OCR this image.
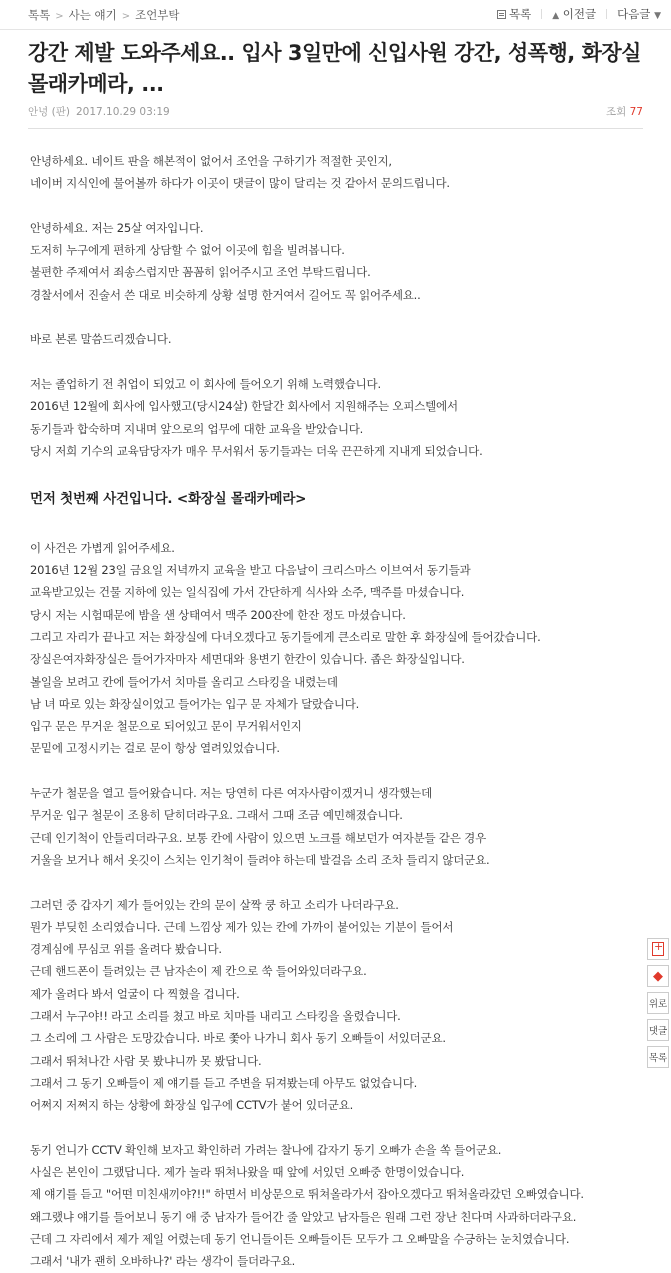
톡톡 > 사는 얘기 > 조언부탁	목록 ▲ 이전글 다음글 ▼
강간 제발 도와주세요.. 입사 3일만에 신입사원 강간, 성폭행, 화장실 몰래카메라, ...
안녕 (판) 2017.10.29 03:19	조회 77

안녕하세요. 네이트 판을 해본적이 없어서 조언을 구하기가 적절한 곳인지,

네이버 지식인에 물어볼까 하다가 이곳이 댓글이 많이 달리는 것 같아서 문의드립니다.

안녕하세요. 저는 25살 여자입니다.

도저히 누구에게 편하게 상담할 수 없어 이곳에 힘을 빌려봅니다.

불편한 주제여서 죄송스럽지만 꼼꼼히 읽어주시고 조언 부탁드립니다.

경찰서에서 진술서 쓴 대로 비슷하게 상황 설명 한거여서 길어도 꼭 읽어주세요..

바로 본론 말씀드리겠습니다.

저는 졸업하기 전 취업이 되었고 이 회사에 들어오기 위해 노력했습니다.

2016년 12월에 회사에 입사했고(당시24살) 한달간 회사에서 지원해주는 오피스텔에서

동기들과 합숙하며 지내며 앞으로의 업무에 대한 교육을 받았습니다.

당시 저희 기수의 교육담당자가 매우 무서워서 동기들과는 더욱 끈끈하게 지내게 되었습니다.

먼저 첫번째 사건입니다. <화장실 몰래카메라>

이 사건은 가볍게 읽어주세요.

2016년 12월 23일 금요일 저녁까지 교육을 받고 다음날이 크리스마스 이브여서 동기들과

교육받고있는 건물 지하에 있는 일식집에 가서 간단하게 식사와 소주, 맥주를 마셨습니다.

당시 저는 시험때문에 밤을 샌 상태여서 맥주 200잔에 한잔 정도 마셨습니다.

그리고 자리가 끝나고 저는 화장실에 다녀오겠다고 동기들에게 큰소리로 말한 후 화장실에 들어갔습니다.

장실은여자화장실은 들어가자마자 세면대와 용변기 한칸이 있습니다. 좁은 화장실입니다.

볼일을 보려고 칸에 들어가서 치마를 올리고 스타킹을 내렸는데

남 녀 따로 있는 화장실이었고 들어가는 입구 문 자체가 달랐습니다.

입구 문은 무거운 철문으로 되어있고 문이 무거워서인지

문밑에 고정시키는 걸로 문이 항상 열려있었습니다.

누군가 철문을 열고 들어왔습니다. 저는 당연히 다른 여자사람이겠거니 생각했는데

무거운 입구 철문이 조용히 닫히더라구요. 그래서 그때 조금 예민해졌습니다.

근데 인기척이 안들리더라구요. 보통 칸에 사람이 있으면 노크를 해보던가 여자분들 같은 경우

거울을 보거나 해서 옷깃이 스치는 인기척이 들려야 하는데 발걸음 소리 조차 들리지 않더군요.

그러던 중 갑자기 제가 들어있는 칸의 문이 살짝 쿵 하고 소리가 나더라구요.

뭔가 부딪힌 소리였습니다. 근데 느낌상 제가 있는 칸에 가까이 붙어있는 기분이 들어서

경계심에 무심코 위를 올려다 봤습니다.

근데 핸드폰이 들려있는 큰 남자손이 제 칸으로 쑥 들어와있더라구요.

제가 올려다 봐서 얼굴이 다 찍혔을 겁니다.

그래서 누구야!! 라고 소리를 쳤고 바로 치마를 내리고 스타킹을 올렸습니다.

그 소리에 그 사람은 도망갔습니다. 바로 쫓아 나가니 회사 동기 오빠들이 서있더군요.

그래서 뛰쳐나간 사람 못 봤냐니까 못 봤답니다.

그래서 그 동기 오빠들이 제 얘기를 듣고 주변을 뒤져봤는데 아무도 없었습니다.

어쩌지 저쩌지 하는 상황에 화장실 입구에 CCTV가 붙어 있더군요.

동기 언니가 CCTV 확인해 보자고 확인하러 가려는 찰나에 갑자기 동기 오빠가 손을 쏙 들어군요.

사실은 본인이 그랬답니다. 제가 놀라 뛰쳐나왔을 때 앞에 서있던 오빠중 한명이었습니다.

제 얘기를 듣고 "어떤 미친새끼야?!!" 하면서 비상문으로 뛰쳐올라가서 잡아오겠다고 뛰쳐올라갔던 오빠였습니다.

왜그랬냐 얘기를 들어보니 동기 애 중 남자가 들어간 줄 알았고 남자들은 원래 그런 장난 친다며 사과하더라구요.

근데 그 자리에서 제가 제일 어렸는데 동기 언니들이든 오빠들이든 모두가 그 오빠말을 수긍하는 눈치였습니다.

그래서 '내가 괜히 오바하나?' 라는 생각이 들더라구요.

+
◆
위로
댓글
목록
